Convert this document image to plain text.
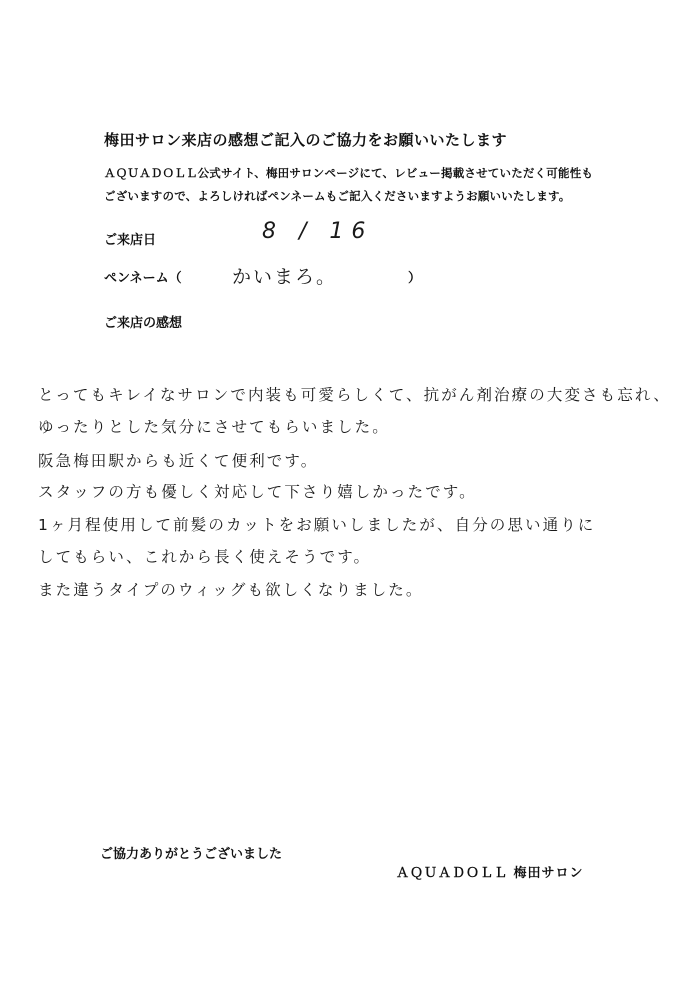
梅田サロン来店の感想ご記入のご協力をお願いいたします
ＡＱＵＡＤＯＬＬ公式サイト、梅田サロンページにて、レビュー掲載させていただく可能性もございますので、よろしければペンネームもご記入くださいますようお願いいたします。
ご来店日	8 / 16
ペンネーム（	かいまろ。	）
ご来店の感想
とってもキレイなサロンで内装も可愛らしくて、抗がん剤治療の大変さも忘れ、
ゆったりとした気分にさせてもらいました。
阪急梅田駅からも近くて便利です。
スタッフの方も優しく対応して下さり嬉しかったです。
1ヶ月程使用して前髪のカットをお願いしましたが、自分の思い通りに
してもらい、これから長く使えそうです。
また違うタイプのウィッグも欲しくなりました。
ご協力ありがとうございました
ＡＱＵＡＤＯＬＬ 梅田サロン
